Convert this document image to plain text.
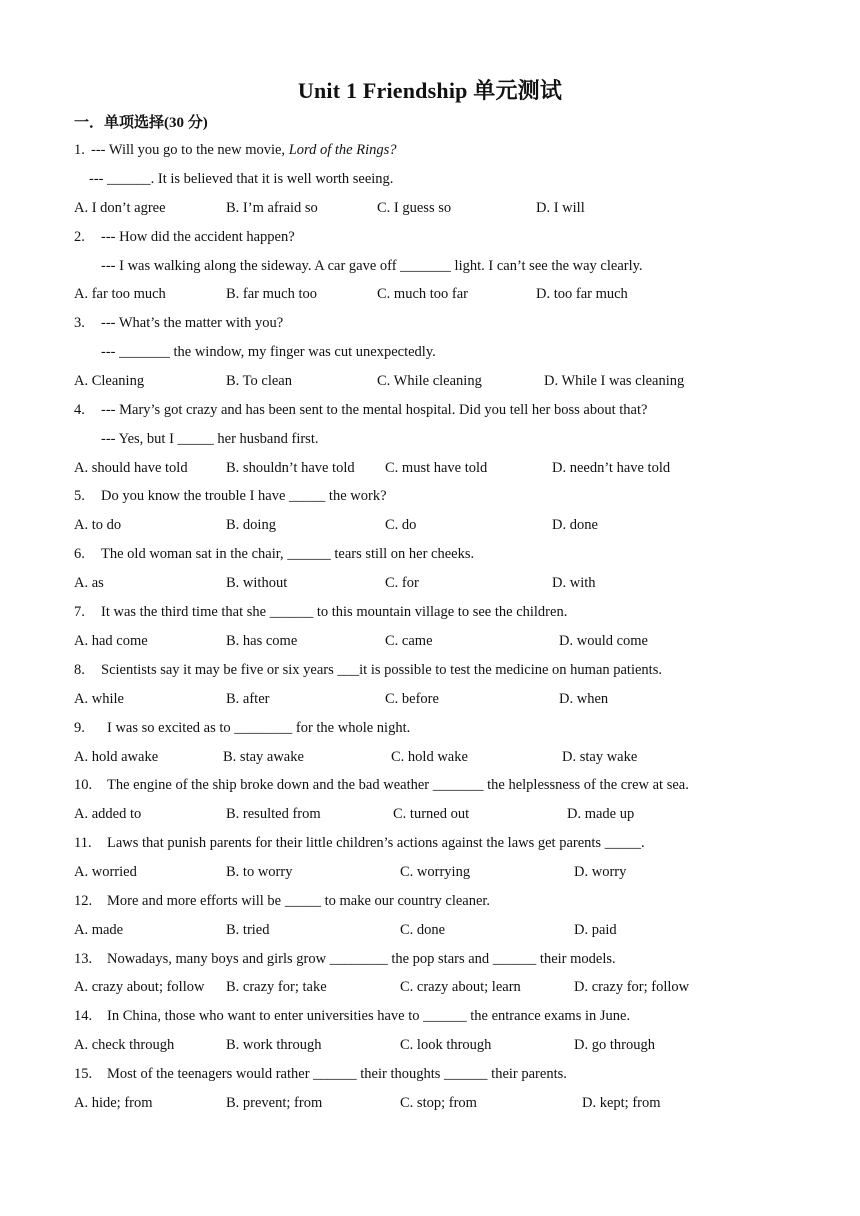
Unit 1 Friendship 单元测试
一．单项选择(30 分)
1. --- Will you go to the new movie, Lord of the Rings?
--- ______. It is believed that it is well worth seeing.
A. I don’t agree	B. I’m afraid so	C. I guess so	D. I will
2. --- How did the accident happen?
--- I was walking along the sideway. A car gave off _______ light. I can’t see the way clearly.
A. far too much	B. far much too	C. much too far	D. too far much
3. --- What’s the matter with you?
--- _______ the window, my finger was cut unexpectedly.
A. Cleaning	B. To clean	C. While cleaning	D. While I was cleaning
4. --- Mary’s got crazy and has been sent to the mental hospital. Did you tell her boss about that?
--- Yes, but I _____ her husband first.
A. should have told	B. shouldn’t have told C. must have told	D. needn’t have told
5. Do you know the trouble I have _____ the work?
A. to do	B. doing	C. do	D. done
6. The old woman sat in the chair, ______ tears still on her cheeks.
A. as	B. without	C. for	D. with
7. It was the third time that she ______ to this mountain village to see the children.
A. had come	B. has come	C. came	D. would come
8. Scientists say it may be five or six years ___it is possible to test the medicine on human patients.
A. while	B. after	C. before	D. when
9. I was so excited as to ________ for the whole night.
A. hold awake	B. stay awake	C. hold wake	D. stay wake
10. The engine of the ship broke down and the bad weather _______ the helplessness of the crew at sea.
A. added to	B. resulted from	C. turned out	D. made up
11. Laws that punish parents for their little children’s actions against the laws get parents _____.
A. worried	B. to worry	C. worrying	D. worry
12. More and more efforts will be _____ to make our country cleaner.
A. made	B. tried	C. done	D. paid
13. Nowadays, many boys and girls grow ________ the pop stars and ______ their models.
A. crazy about; follow B. crazy for; take	C. crazy about; learn	D. crazy for; follow
14. In China, those who want to enter universities have to ______ the entrance exams in June.
A. check through	B. work through	C. look through	D. go through
15. Most of the teenagers would rather ______ their thoughts ______ their parents.
A. hide; from	B. prevent; from	C. stop; from	D. kept; from
